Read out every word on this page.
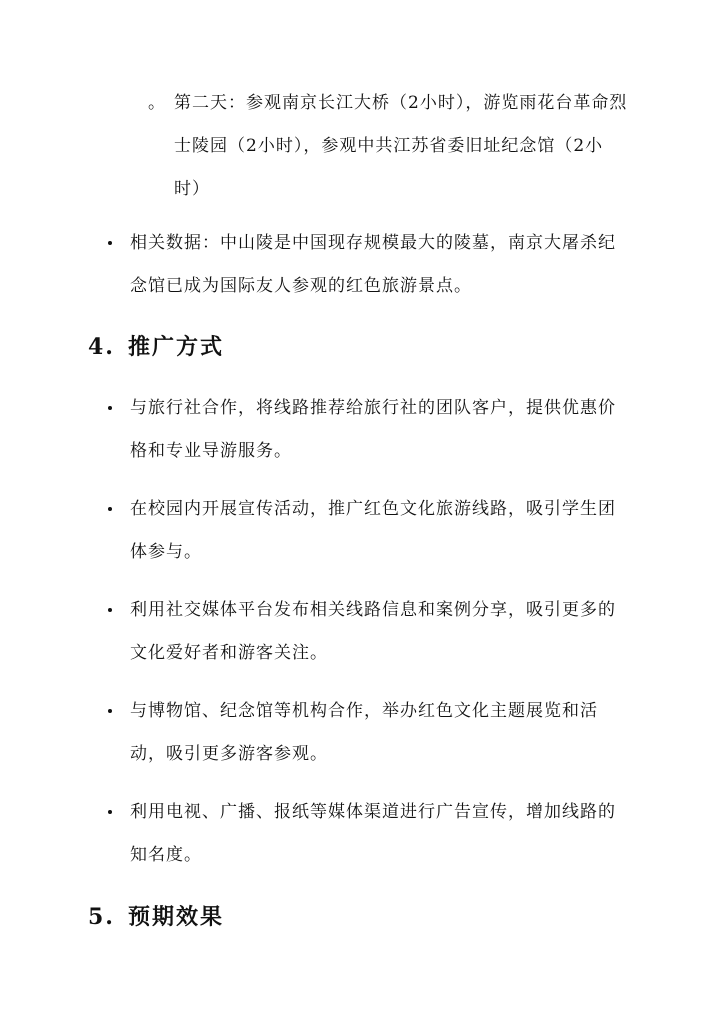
。 第二天：参观南京长江大桥（2小时），游览雨花台革命烈士陵园（2小时），参观中共江苏省委旧址纪念馆（2小时）
相关数据：中山陵是中国现存规模最大的陵墓，南京大屠杀纪念馆已成为国际友人参观的红色旅游景点。
4. 推广方式
与旅行社合作，将线路推荐给旅行社的团队客户，提供优惠价格和专业导游服务。
在校园内开展宣传活动，推广红色文化旅游线路，吸引学生团体参与。
利用社交媒体平台发布相关线路信息和案例分享，吸引更多的文化爱好者和游客关注。
与博物馆、纪念馆等机构合作，举办红色文化主题展览和活动，吸引更多游客参观。
利用电视、广播、报纸等媒体渠道进行广告宣传，增加线路的知名度。
5. 预期效果
